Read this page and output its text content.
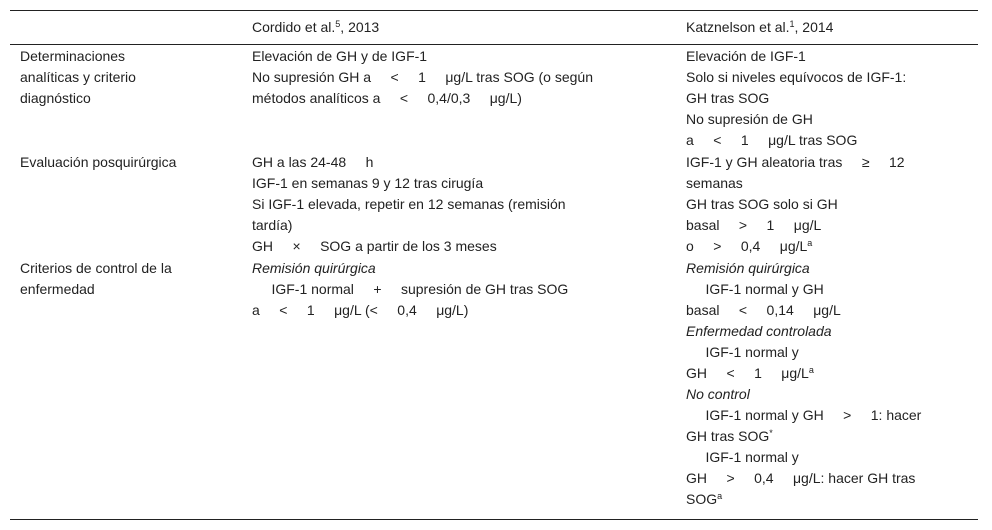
Cordido et al.$^5$, 2013	Katznelson et al.$^1$, 2014
Determinaciones
analíticas y criterio
diagnóstico
Elevación de GH y de IGF-1
No supresión GH a     <     1     μg/L tras SOG (o según
métodos analíticos a     <     0,4/0,3     μg/L)
Elevación de IGF-1
Solo si niveles equívocos de IGF-1:
GH tras SOG
No supresión de GH
a     <     1     μg/L tras SOG
Evaluación posquirúrgica	GH a las 24-48     h
IGF-1 en semanas 9 y 12 tras cirugía
Si IGF-1 elevada, repetir en 12 semanas (remisión
tardía)
GH     ×     SOG a partir de los 3 meses
IGF-1 y GH aleatoria tras     ≥     12
semanas
GH tras SOG solo si GH
basal     >     1     μg/L
o     >     0,4     $\mu g/L^a$
Criterios de control de la
enfermedad
Remisión quirúrgica
IGF-1 normal     +     supresión de GH tras SOG
a     <     1     μg/L (<     0,4     μg/L)
Remisión quirúrgica
IGF-1 normal y GH
basal     <     0,14     μg/L
Enfermedad controlada
IGF-1 normal y
GH     <     1     $\mu g/L^a$
No control
IGF-1 normal y GH     >     1: hacer
GH tras SOG*
IGF-1 normal y
GH     >     0,4     μg/L: hacer GH tras
SOG$^a$
